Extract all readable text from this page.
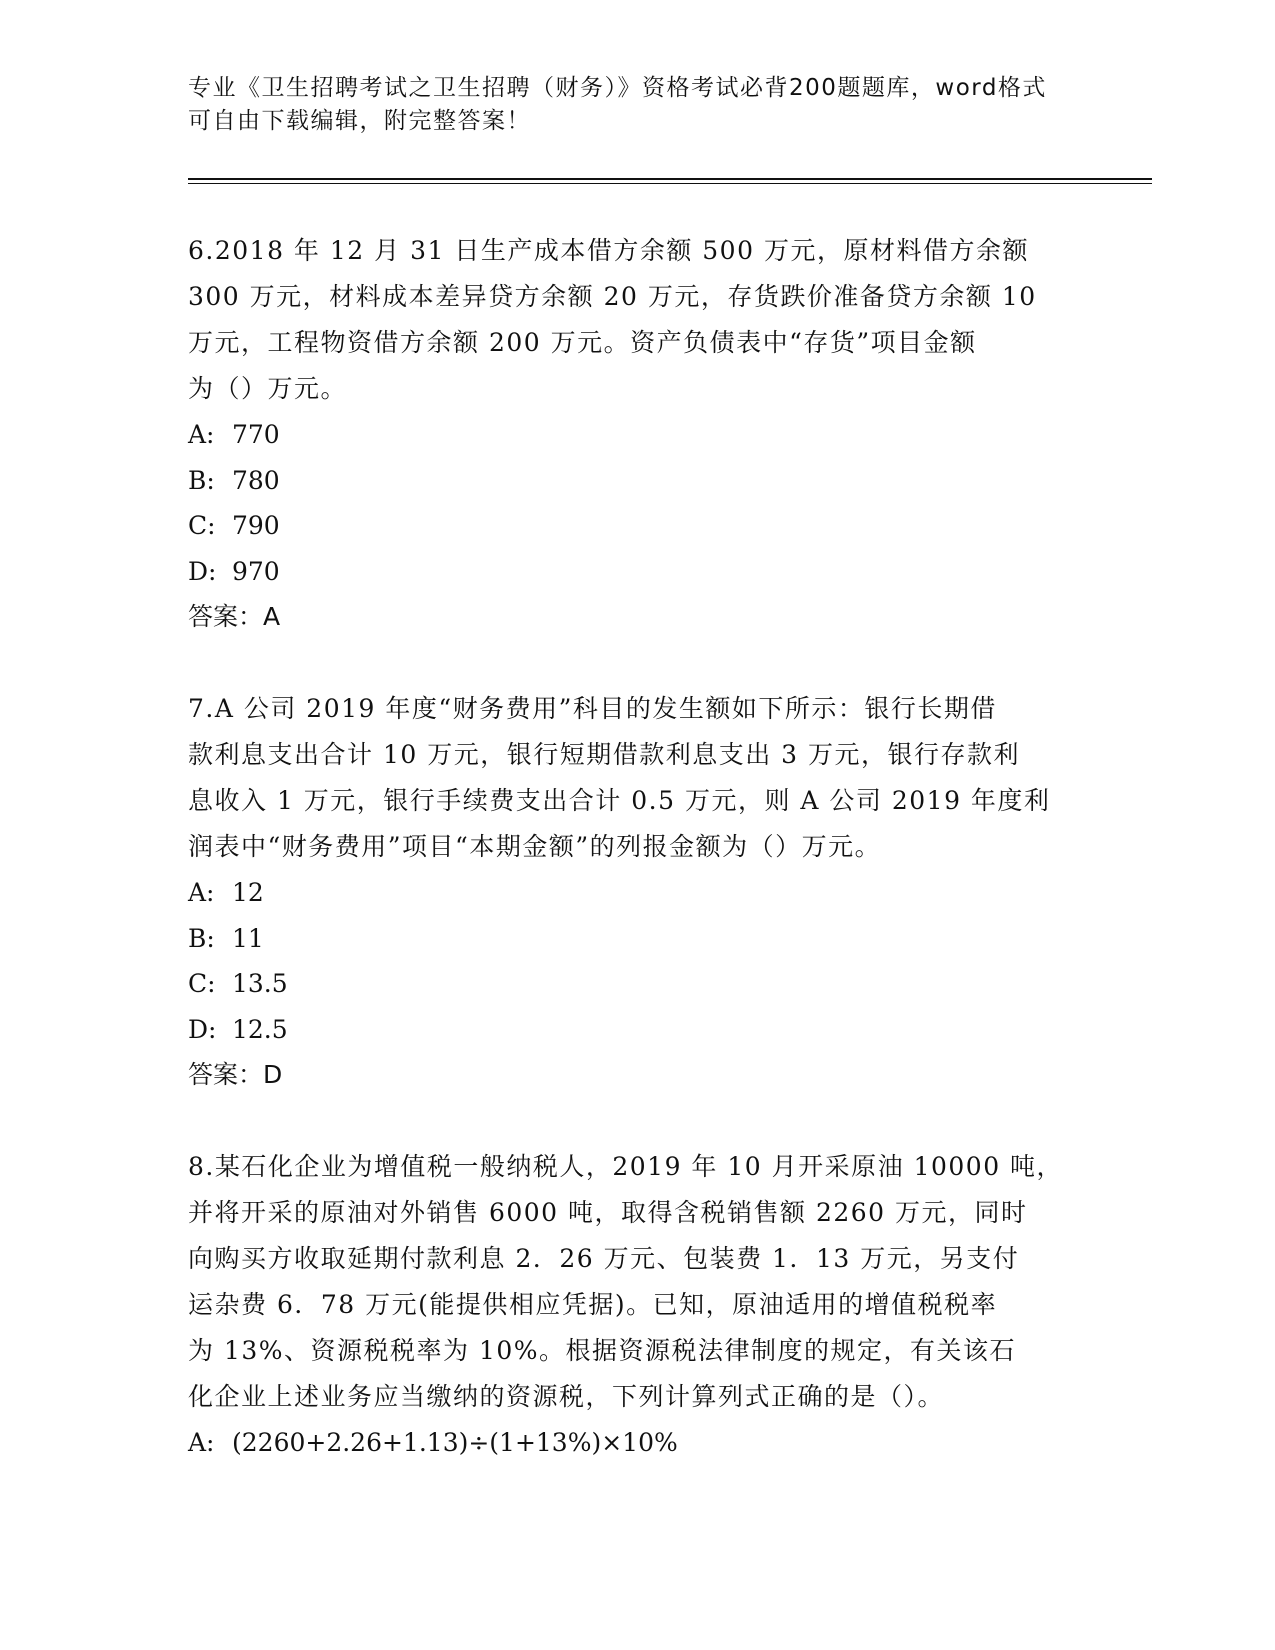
专业《卫生招聘考试之卫生招聘（财务）》资格考试必背200题题库，word格式
可自由下载编辑，附完整答案！

6.2018 年 12 月 31 日生产成本借方余额 500 万元，原材料借方余额

300 万元，材料成本差异贷方余额 20 万元，存货跌价准备贷方余额 10

万元，工程物资借方余额 200 万元。资产负债表中“存货”项目金额

为（）万元。

A: 770

B: 780

C: 790

D: 970

答案：A

7.A 公司 2019 年度“财务费用”科目的发生额如下所示：银行长期借

款利息支出合计 10 万元，银行短期借款利息支出 3 万元，银行存款利

息收入 1 万元，银行手续费支出合计 0.5 万元，则 A 公司 2019 年度利

润表中“财务费用”项目“本期金额”的列报金额为（）万元。

A: 12

B: 11

C: 13.5

D: 12.5

答案：D

8.某石化企业为增值税一般纳税人，2019 年 10 月开采原油 10000 吨，

并将开采的原油对外销售 6000 吨，取得含税销售额 2260 万元，同时

向购买方收取延期付款利息 2．26 万元、包装费 1．13 万元，另支付

运杂费 6．78 万元(能提供相应凭据)。已知，原油适用的增值税税率

为 13%、资源税税率为 10%。根据资源税法律制度的规定，有关该石

化企业上述业务应当缴纳的资源税，下列计算列式正确的是（）。

A: (2260+2.26+1.13)÷(1+13%)×10%
